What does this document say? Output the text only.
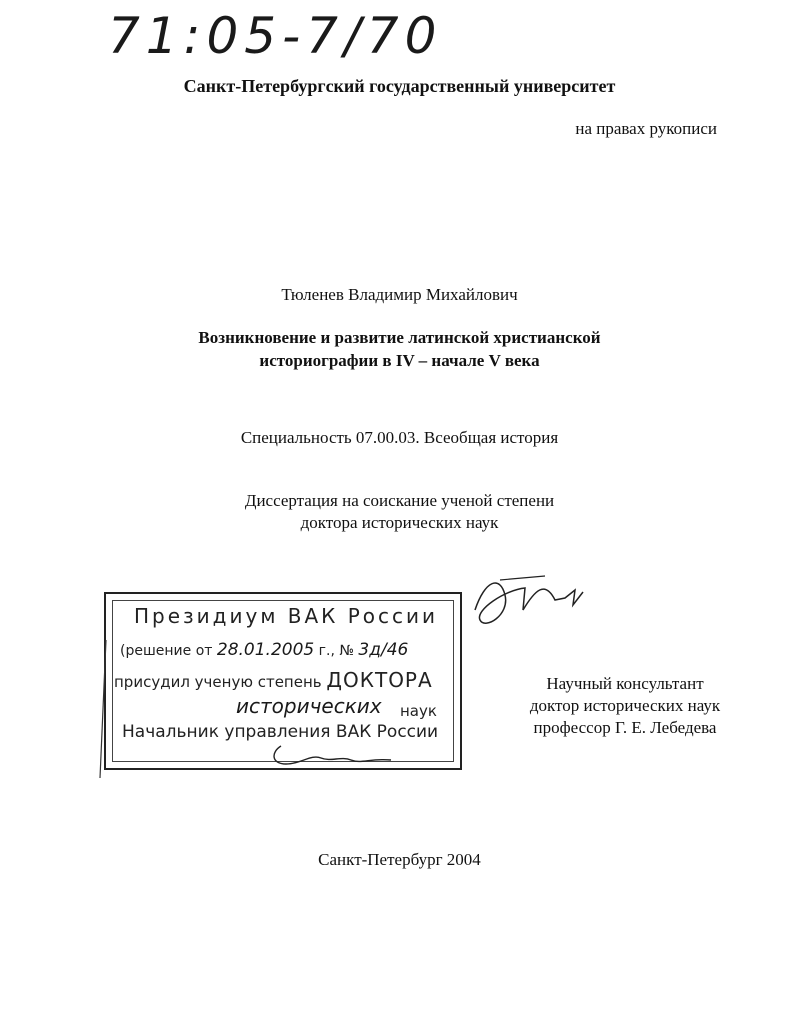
71:05-7/70
Санкт-Петербургский государственный университет
на правах рукописи
Тюленев Владимир Михайлович
Возникновение и развитие латинской христианской
историографии в IV – начале V века
Специальность 07.00.03. Всеобщая история
Диссертация на соискание ученой степени
доктора исторических наук
Президиум ВАК России
(решение от 28.01.2005 г., № 3д/46
присудил ученую степень ДОКТОРА
исторических наук
Начальник управления ВАК России
Научный консультант
доктор исторических наук
профессор Г. Е. Лебедева
Санкт-Петербург 2004
